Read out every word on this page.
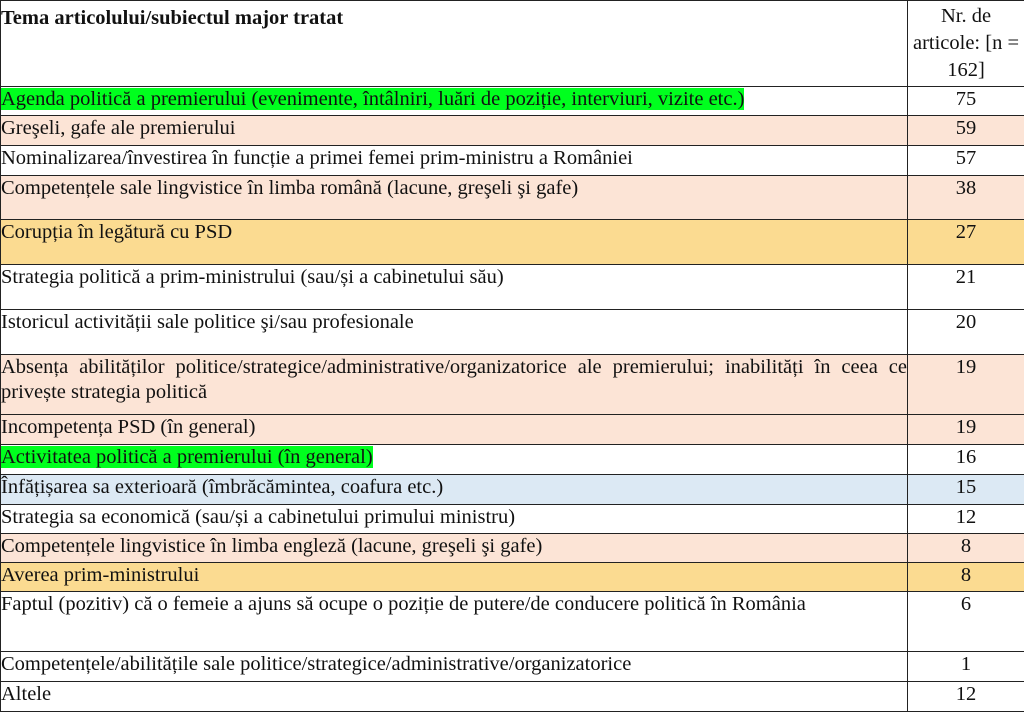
Tema articolului/subiectul major tratat	Nr. de articole: [n = 162]

Agenda politică a premierului (evenimente, întâlniri, luări de poziție, interviuri, vizite etc.)	75
Greşeli, gafe ale premierului	59
Nominalizarea/învestirea în funcție a primei femei prim-ministru a României	57
Competențele sale lingvistice în limba română (lacune, greşeli şi gafe)	38
Corupția în legătură cu PSD	27
Strategia politică a prim-ministrului (sau/și a cabinetului său)	21
Istoricul activității sale politice şi/sau profesionale	20

Absența abilităților politice/strategice/administrative/organizatorice ale premierului; inabilități în ceea ce privește strategia politică	19
Incompetența PSD (în general)	19
Activitatea politică a premierului (în general)	16
Înfățișarea sa exterioară (îmbrăcămintea, coafura etc.)	15
Strategia sa economică (sau/și a cabinetului primului ministru)	12
Competențele lingvistice în limba engleză (lacune, greşeli şi gafe)	8
Averea prim-ministrului	8

Faptul (pozitiv) că o femeie a ajuns să ocupe o poziție de putere/de conducere politică în România	6
Competențele/abilitățile sale politice/strategice/administrative/organizatorice	1
Altele	12
